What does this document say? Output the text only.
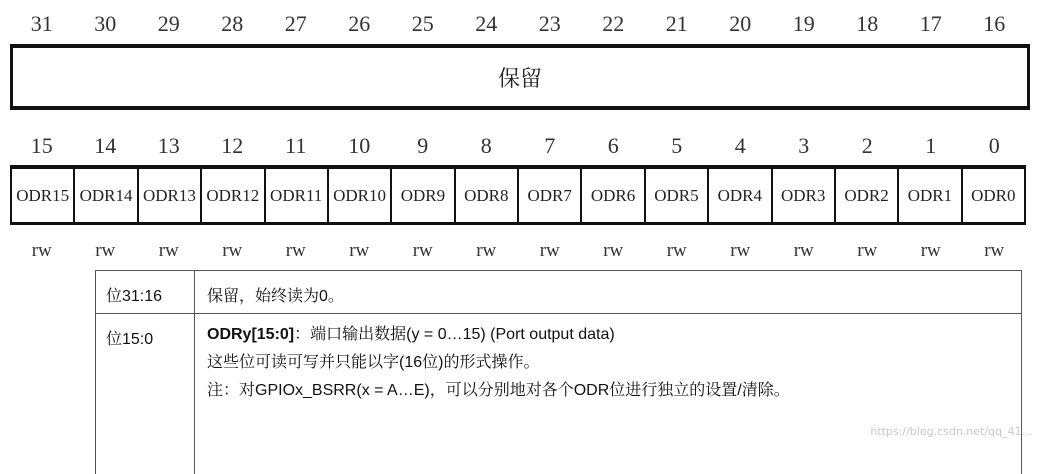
31	30	29	28	27	26	25	24	23	22	21	20	19	18	17	16
保留
15	14	13	12	11	10	9	8	7	6	5	4	3	2	1	0
ODR15 ODR14 ODR13 ODR12 ODR11 ODR10 ODR9	ODR8	ODR7	ODR6	ODR5	ODR4	ODR3	ODR2	ODR1	ODR0
rw	rw	rw	rw	rw	rw	rw	rw	rw	rw	rw	rw	rw	rw	rw	rw
位31:16	保留，始终读为0。
位15:0	ODRy[15:0]：端口输出数据(y = 0…15) (Port output data)

这些位可读可写并只能以字(16位)的形式操作。

注：对GPIOx_BSRR(x = A…E)，可以分别地对各个ODR位进行独立的设置/清除。

https://blog.csdn.net/qq_41...
